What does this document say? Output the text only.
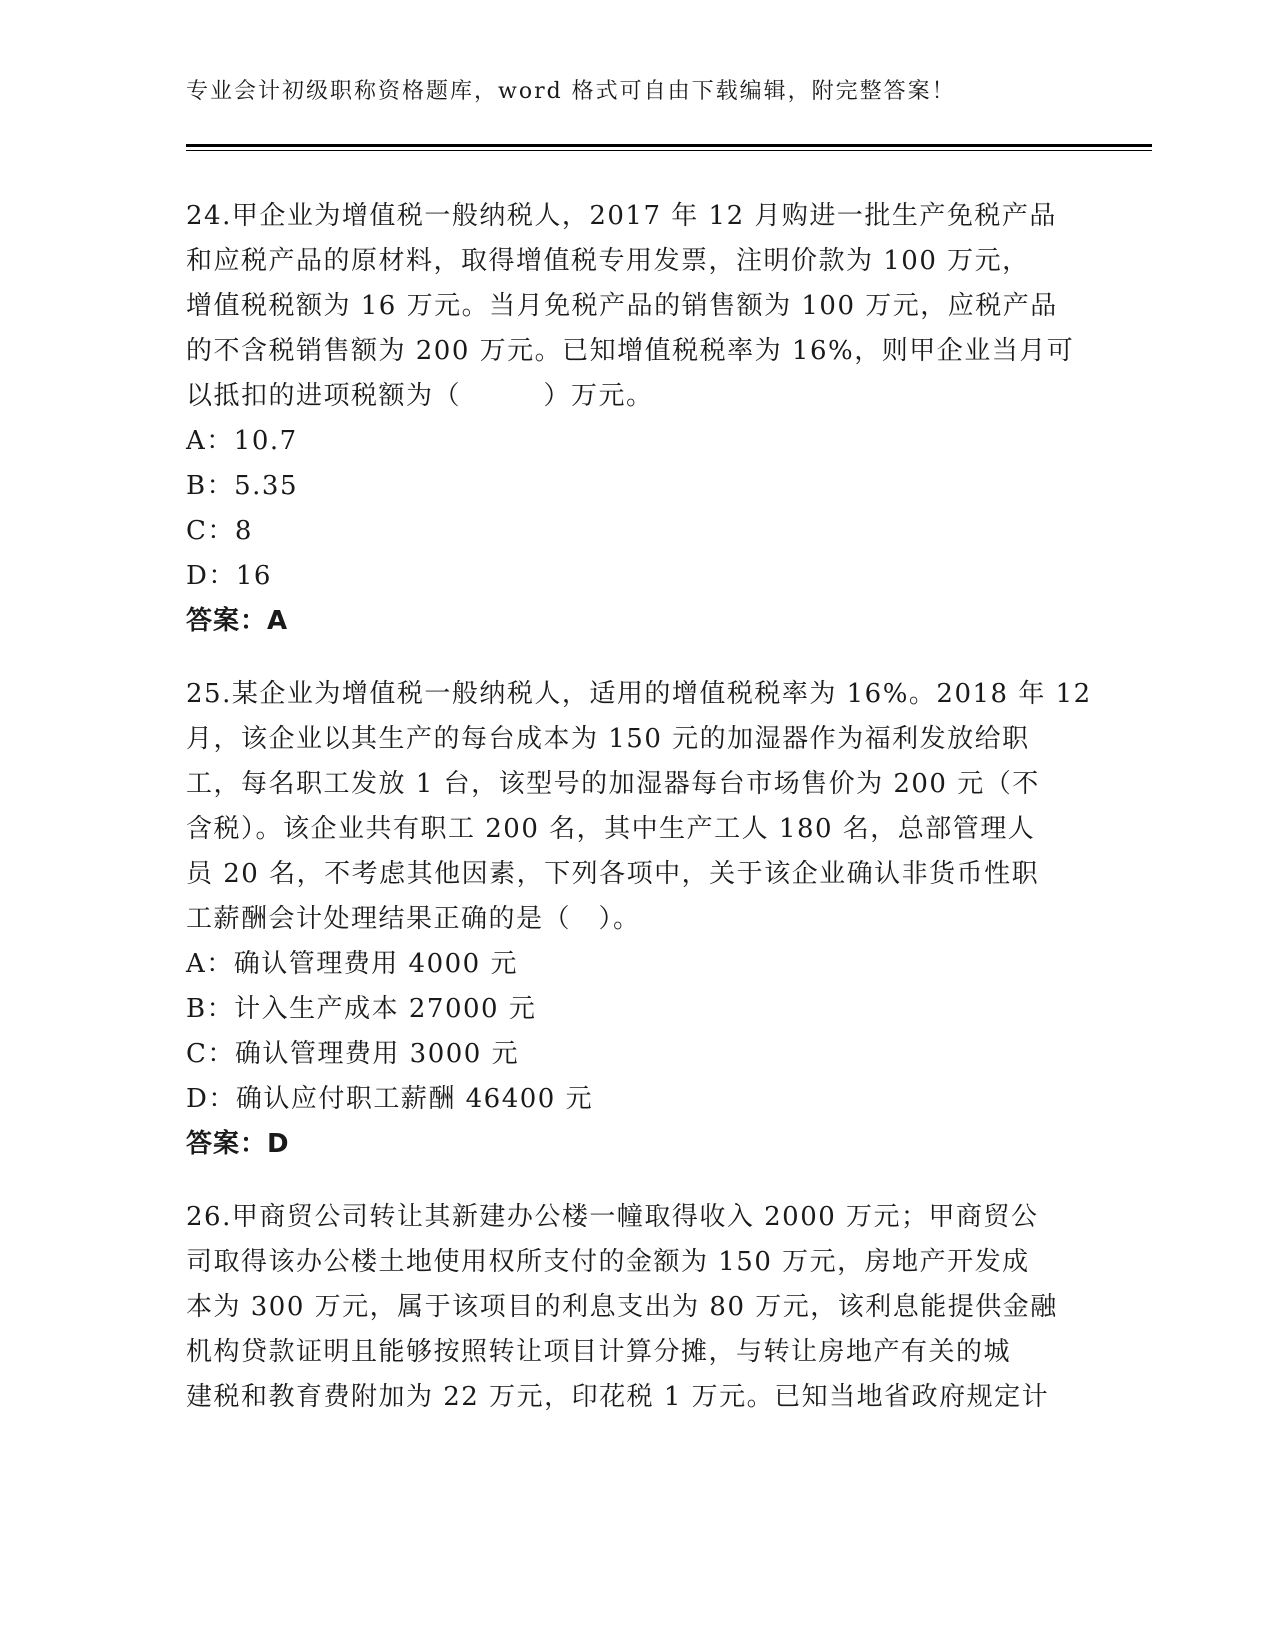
专业会计初级职称资格题库，word 格式可自由下载编辑，附完整答案！
24.甲企业为增值税一般纳税人，2017 年 12 月购进一批生产免税产品
和应税产品的原材料，取得增值税专用发票，注明价款为 100 万元，
增值税税额为 16 万元。当月免税产品的销售额为 100 万元，应税产品
的不含税销售额为 200 万元。已知增值税税率为 16%，则甲企业当月可
以抵扣的进项税额为（　　　）万元。
A：10.7
B：5.35
C：8
D：16
答案：A
25.某企业为增值税一般纳税人，适用的增值税税率为 16%。2018 年 12
月，该企业以其生产的每台成本为 150 元的加湿器作为福利发放给职
工，每名职工发放 1 台，该型号的加湿器每台市场售价为 200 元（不
含税）。该企业共有职工 200 名，其中生产工人 180 名，总部管理人
员 20 名，不考虑其他因素，下列各项中，关于该企业确认非货币性职
工薪酬会计处理结果正确的是（　）。
A：确认管理费用 4000 元
B：计入生产成本 27000 元
C：确认管理费用 3000 元
D：确认应付职工薪酬 46400 元
答案：D
26.甲商贸公司转让其新建办公楼一幢取得收入 2000 万元；甲商贸公
司取得该办公楼土地使用权所支付的金额为 150 万元，房地产开发成
本为 300 万元，属于该项目的利息支出为 80 万元，该利息能提供金融
机构贷款证明且能够按照转让项目计算分摊，与转让房地产有关的城
建税和教育费附加为 22 万元，印花税 1 万元。已知当地省政府规定计
